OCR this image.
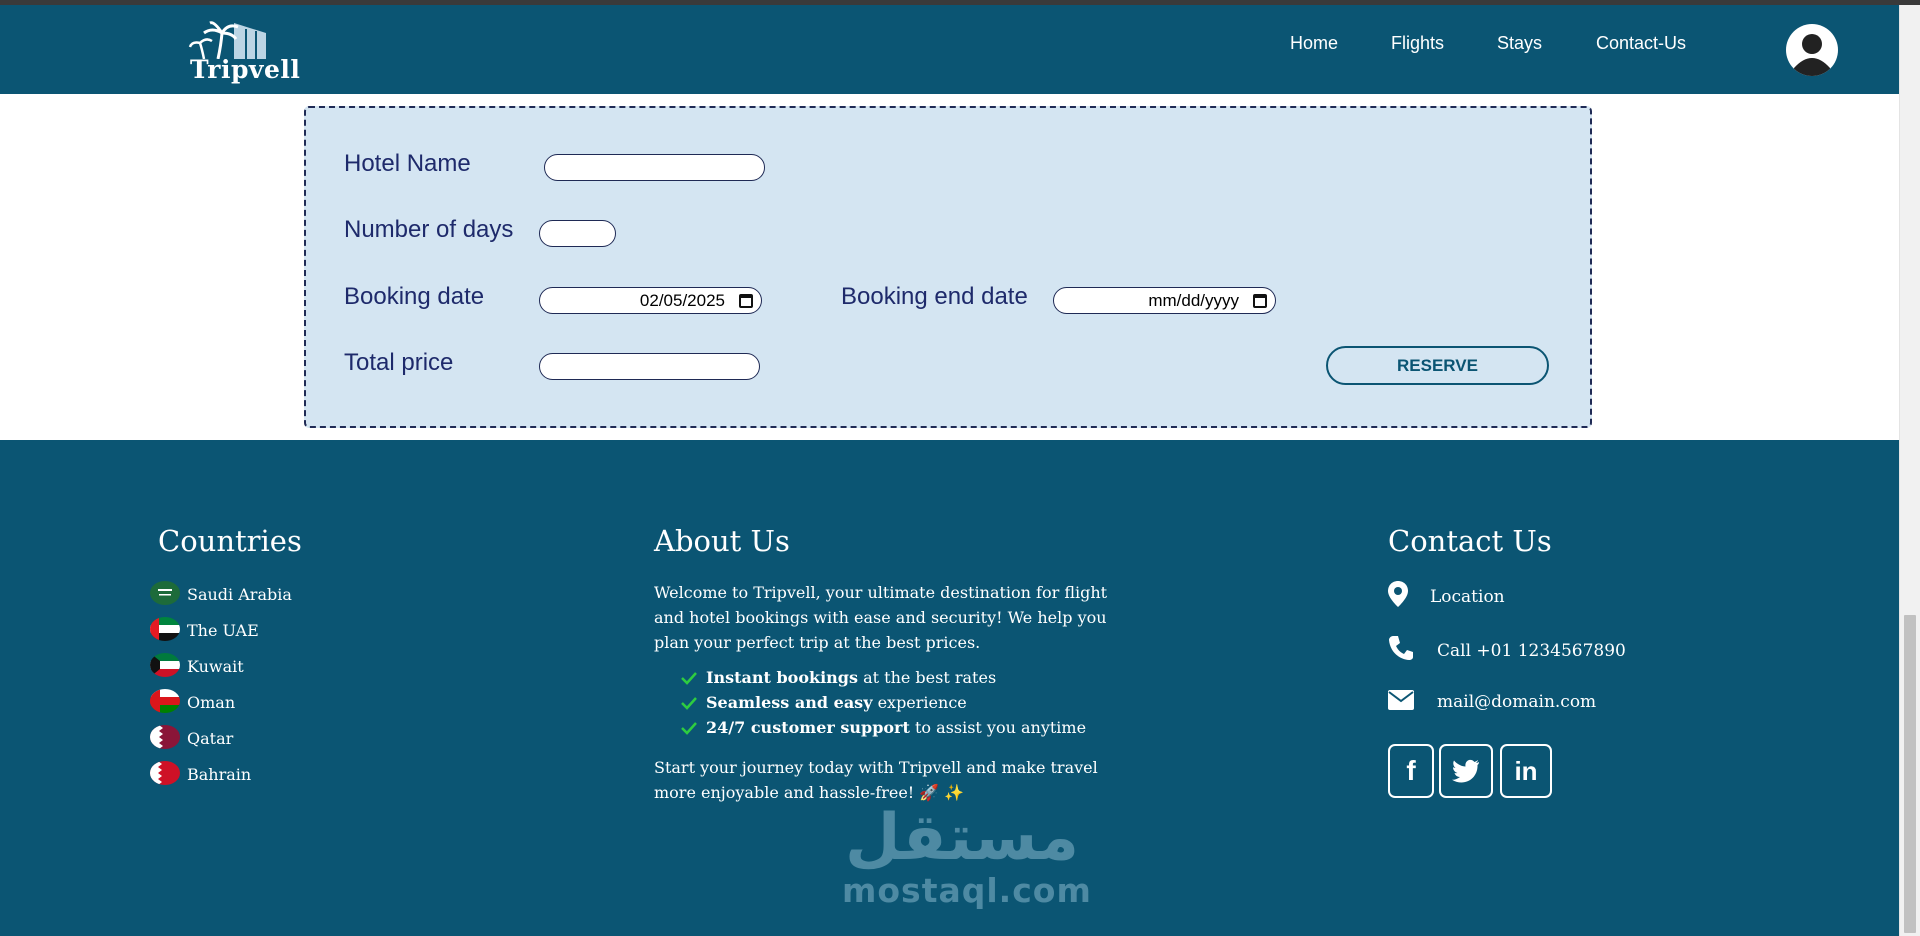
Tripvell
Home	Flights	Stays	Contact-Us
Hotel Name
Number of days
Booking date	02/05/2025	Booking end date	mm/dd/yyyy
Total price	RESERVE
Countries
Saudi Arabia
The UAE
Kuwait
Oman
Qatar
Bahrain
About Us
Welcome to Tripvell, your ultimate destination for flight and hotel bookings with ease and security! We help you plan your perfect trip at the best prices.
Instant bookings at the best rates
Seamless and easy experience
24/7 customer support to assist you anytime
Start your journey today with Tripvell and make travel more enjoyable and hassle-free! 🚀 ✨
Contact Us
Location
Call +01 1234567890
mail@domain.com
f	in
مستقل
mostaql.com
